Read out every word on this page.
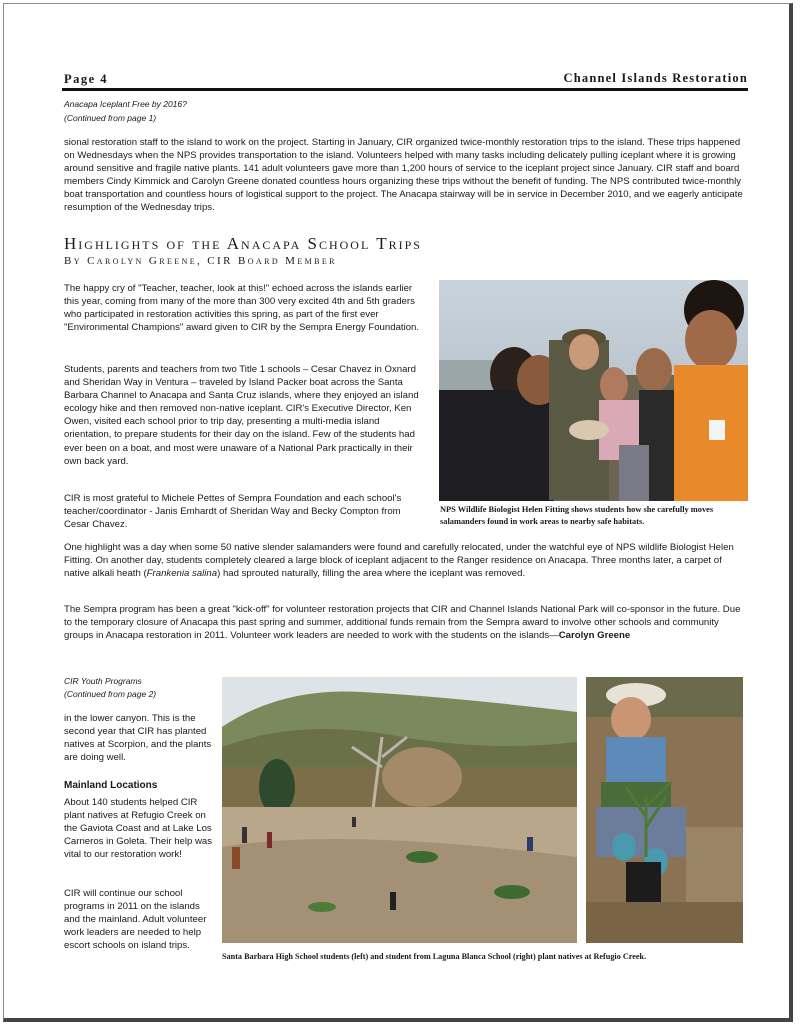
Page 4	Channel Islands Restoration
Anacapa Iceplant Free by 2016?
(Continued from page 1)

sional restoration staff to the island to work on the project. Starting in January, CIR organized twice-monthly restoration trips to the island. These trips happened on Wednesdays when the NPS provides transportation to the island. Volunteers helped with many tasks including delicately pulling iceplant where it is growing around sensitive and fragile native plants. 141 adult volunteers gave more than 1,200 hours of service to the iceplant project since January. CIR staff and board members Cindy Kimmick and Carolyn Greene donated countless hours organizing these trips without the benefit of funding. The NPS contributed twice-monthly boat transportation and countless hours of logistical support to the project. The Anacapa stairway will be in service in December 2010, and we eagerly anticipate resumption of the Wednesday trips.

Highlights of the Anacapa School Trips
By Carolyn Greene, CIR Board Member

The happy cry of "Teacher, teacher, look at this!" echoed across the islands earlier this year, coming from many of the more than 300 very excited 4th and 5th graders who participated in restoration activities this spring, as part of the first ever "Environmental Champions" award given to CIR by the Sempra Energy Foundation.

Students, parents and teachers from two Title 1 schools – Cesar Chavez in Oxnard and Sheridan Way in Ventura – traveled by Island Packer boat across the Santa Barbara Channel to Anacapa and Santa Cruz islands, where they enjoyed an island ecology hike and then removed non-native iceplant. CIR's Executive Director, Ken Owen, visited each school prior to trip day, presenting a multi-media island orientation, to prepare students for their day on the island. Few of the students had ever been on a boat, and most were unaware of a National Park practically in their own back yard.

CIR is most grateful to Michele Pettes of Sempra Foundation and each school's teacher/coordinator - Janis Emhardt of Sheridan Way and Becky Compton from Cesar Chavez.

NPS Wildlife Biologist Helen Fitting shows students how she carefully moves salamanders found in work areas to nearby safe habitats.

One highlight was a day when some 50 native slender salamanders were found and carefully relocated, under the watchful eye of NPS wildlife Biologist Helen Fitting. On another day, students completely cleared a large block of iceplant adjacent to the Ranger residence on Anacapa. Three months later, a carpet of native alkali heath (Frankenia salina) had sprouted naturally, filling the area where the iceplant was removed.

The Sempra program has been a great "kick-off" for volunteer restoration projects that CIR and Channel Islands National Park will co-sponsor in the future. Due to the temporary closure of Anacapa this past spring and summer, additional funds remain from the Sempra award to involve other schools and community groups in Anacapa restoration in 2011. Volunteer work leaders are needed to work with the students on the islands—Carolyn Greene

CIR Youth Programs
(Continued from page 2)

in the lower canyon. This is the second year that CIR has planted natives at Scorpion, and the plants are doing well.

Mainland Locations

About 140 students helped CIR plant natives at Refugio Creek on the Gaviota Coast and at Lake Los Carneros in Goleta. Their help was vital to our restoration work!

CIR will continue our school programs in 2011 on the islands and the mainland. Adult volunteer work leaders are needed to help escort schools on island trips.

Santa Barbara High School students (left) and student from Laguna Blanca School (right) plant natives at Refugio Creek.
